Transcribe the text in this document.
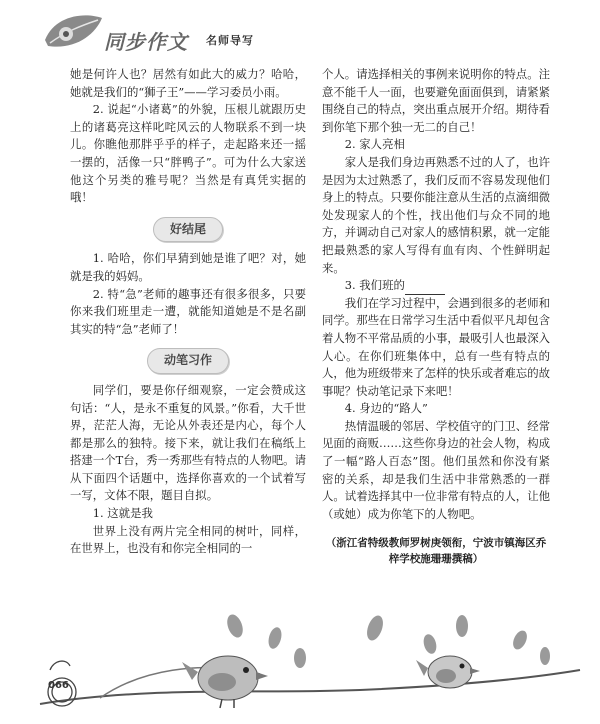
同步作文 名师导写

她是何许人也？居然有如此大的威力？哈哈，她就是我们的“狮子王”——学习委员小雨。

2. 说起“小诸葛”的外貌，压根儿就跟历史上的诸葛亮这样叱咤风云的人物联系不到一块儿。你瞧他那胖乎乎的样子，走起路来还一摇一摆的，活像一只“胖鸭子”。可为什么大家送他这个另类的雅号呢？当然是有真凭实据的哦！

好结尾

1. 哈哈，你们早猜到她是谁了吧？对，她就是我的妈妈。

2. 特“急”老师的趣事还有很多很多，只要你来我们班里走一遭，就能知道她是不是名副其实的特“急”老师了！

动笔习作

同学们，要是你仔细观察，一定会赞成这句话：“人，是永不重复的风景。”你看，大千世界，茫茫人海，无论从外表还是内心，每个人都是那么的独特。接下来，就让我们在稿纸上搭建一个T台，秀一秀那些有特点的人物吧。请从下面四个话题中，选择你喜欢的一个试着写一写，文体不限，题目自拟。

1. 这就是我

世界上没有两片完全相同的树叶，同样，在世界上，也没有和你完全相同的一

个人。请选择相关的事例来说明你的特点。注意不能千人一面，也要避免面面俱到，请紧紧围绕自己的特点，突出重点展开介绍。期待看到你笔下那个独一无二的自己！

2. 家人亮相

家人是我们身边再熟悉不过的人了，也许是因为太过熟悉了，我们反而不容易发现他们身上的特点。只要你能注意从生活的点滴细微处发现家人的个性，找出他们与众不同的地方，并调动自己对家人的感情积累，就一定能把最熟悉的家人写得有血有肉、个性鲜明起来。

3. 我们班的

我们在学习过程中，会遇到很多的老师和同学。那些在日常学习生活中看似平凡却包含着人物不平常品质的小事，最吸引人也最深入人心。在你们班集体中，总有一些有特点的人，他为班级带来了怎样的快乐或者难忘的故事呢？快动笔记录下来吧！

4. 身边的“路人”

热情温暖的邻居、学校值守的门卫、经常见面的商贩……这些你身边的社会人物，构成了一幅“路人百态”图。他们虽然和你没有紧密的关系，却是我们生活中非常熟悉的一群人。试着选择其中一位非常有特点的人，让他（或她）成为你笔下的人物吧。

（浙江省特级教师罗树庚领衔，宁波市镇海区乔梓学校施珊珊撰稿）
066
